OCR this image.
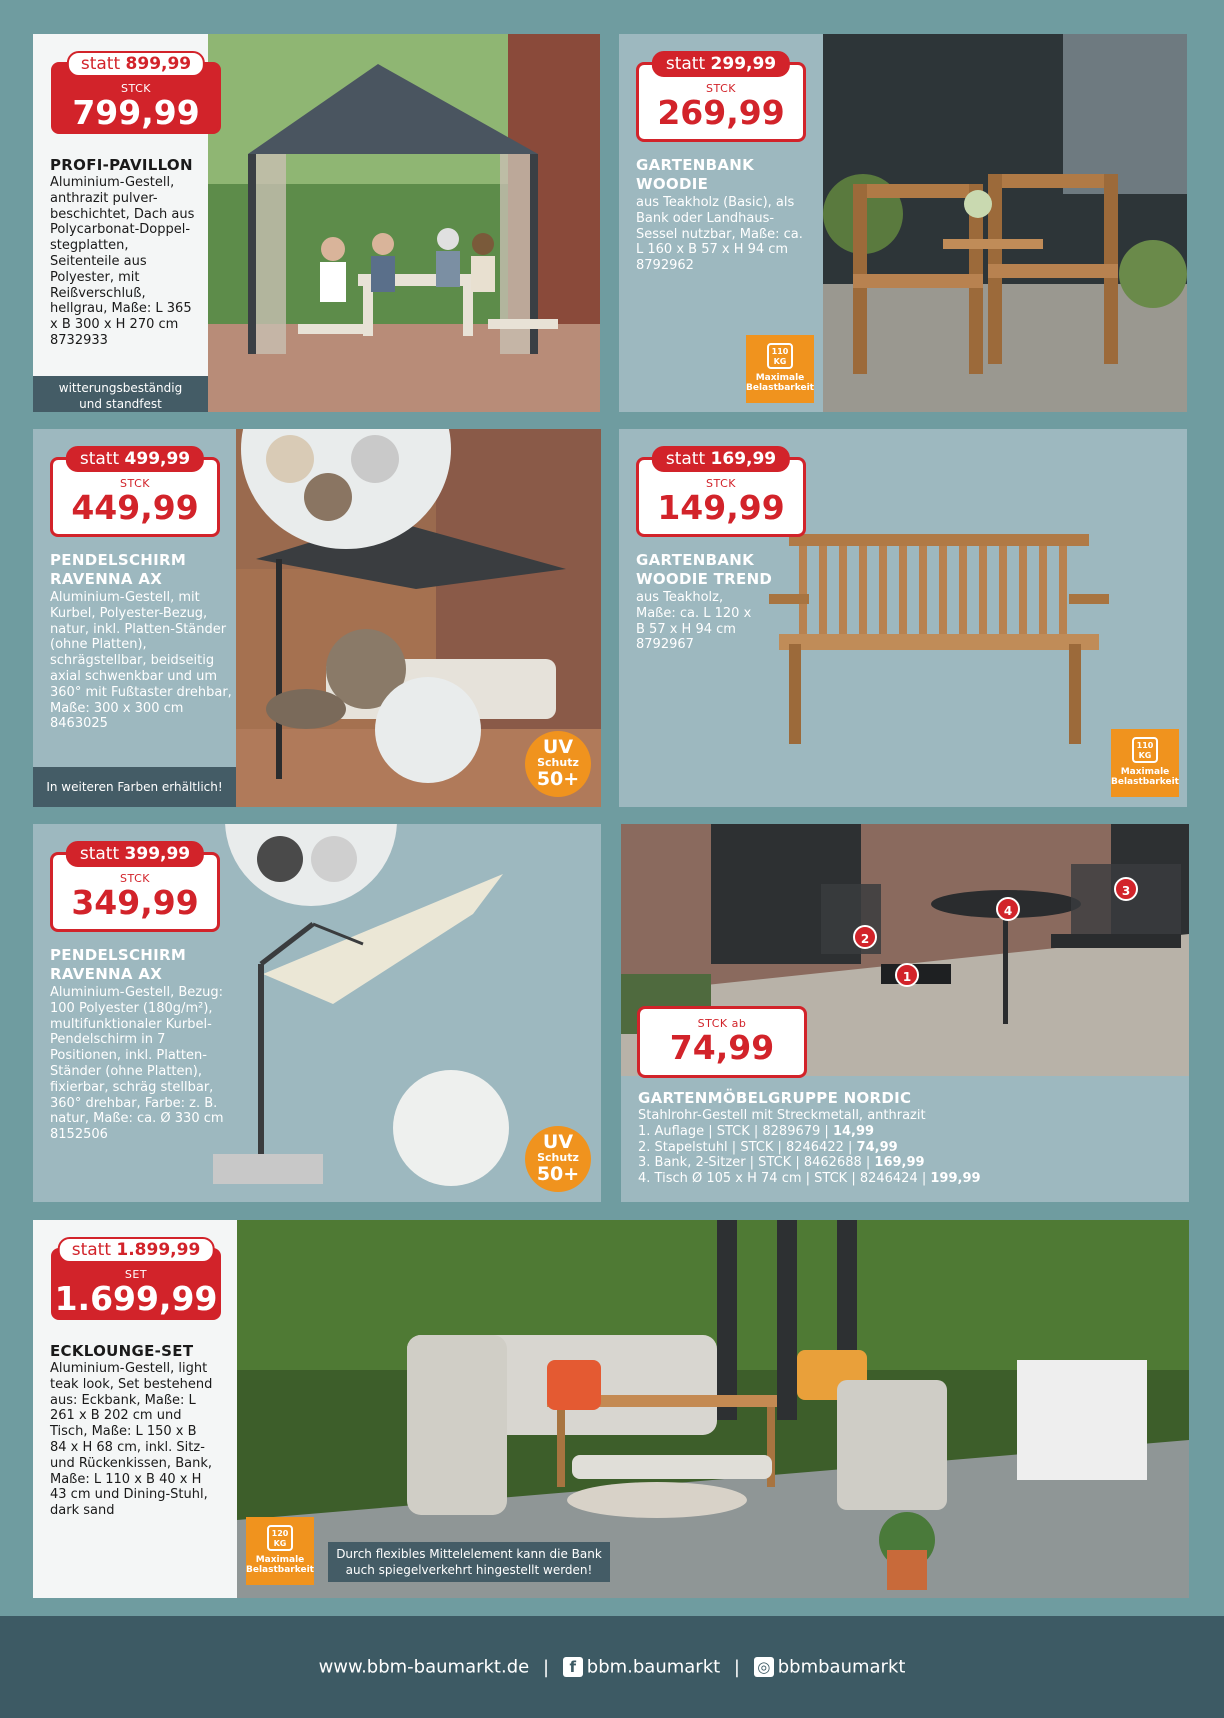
statt 899,99
STCK
799,99
PROFI-PAVILLON
Aluminium-Gestell, anthrazit pulver-beschichtet, Dach aus Polycarbonat-Doppel-stegplatten, Seitenteile aus Polyester, mit Reißverschluß, hellgrau, Maße: L 365 x B 300 x H 270 cm
8732933
witterungsbeständig und standfest
statt 299,99
STCK
269,99
GARTENBANK WOODIE
aus Teakholz (Basic), als Bank oder Landhaus-Sessel nutzbar, Maße: ca. L 160 x B 57 x H 94 cm
8792962
110
KG
Maximale Belastbarkeit
statt 499,99
STCK
449,99
PENDELSCHIRM RAVENNA AX
Aluminium-Gestell, mit Kurbel, Polyester-Bezug, natur, inkl. Platten-Ständer (ohne Platten), schrägstellbar, beidseitig axial schwenkbar und um 360° mit Fußtaster drehbar, Maße: 300 x 300 cm
8463025
In weiteren Farben erhältlich!
UV
Schutz
50+
statt 169,99
STCK
149,99
GARTENBANK WOODIE TREND
aus Teakholz, Maße: ca. L 120 x B 57 x H 94 cm
8792967
110
KG
Maximale Belastbarkeit
statt 399,99
STCK
349,99
PENDELSCHIRM RAVENNA AX
Aluminium-Gestell, Bezug: 100 Polyester (180g/m²), multifunktionaler Kurbel-Pendelschirm in 7 Positionen, inkl. Platten-Ständer (ohne Platten), fixierbar, schräg stellbar, 360° drehbar, Farbe: z. B. natur, Maße: ca. Ø 330 cm
8152506	UV
Schutz
50+
1
2
3
4
STCK ab
74,99
GARTENMÖBELGRUPPE NORDIC
Stahlrohr-Gestell mit Streckmetall, anthrazit
1. Auflage | STCK | 8289679 | 14,99
2. Stapelstuhl | STCK | 8246422 | 74,99
3. Bank, 2-Sitzer | STCK | 8462688 | 169,99
4. Tisch Ø 105 x H 74 cm | STCK | 8246424 | 199,99
statt 1.899,99
SET
1.699,99
ECKLOUNGE-SET
Aluminium-Gestell, light teak look, Set bestehend aus: Eckbank, Maße: L 261 x B 202 cm und Tisch, Maße: L 150 x B 84 x H 68 cm, inkl. Sitz- und Rückenkissen, Bank, Maße: L 110 x B 40 x H 43 cm und Dining-Stuhl, dark sand
120
KG
Maximale Belastbarkeit
Durch flexibles Mittelelement kann die Bank auch spiegelverkehrt hingestellt werden!
www.bbm-baumarkt.de | f bbm.baumarkt | ◎ bbmbaumarkt
